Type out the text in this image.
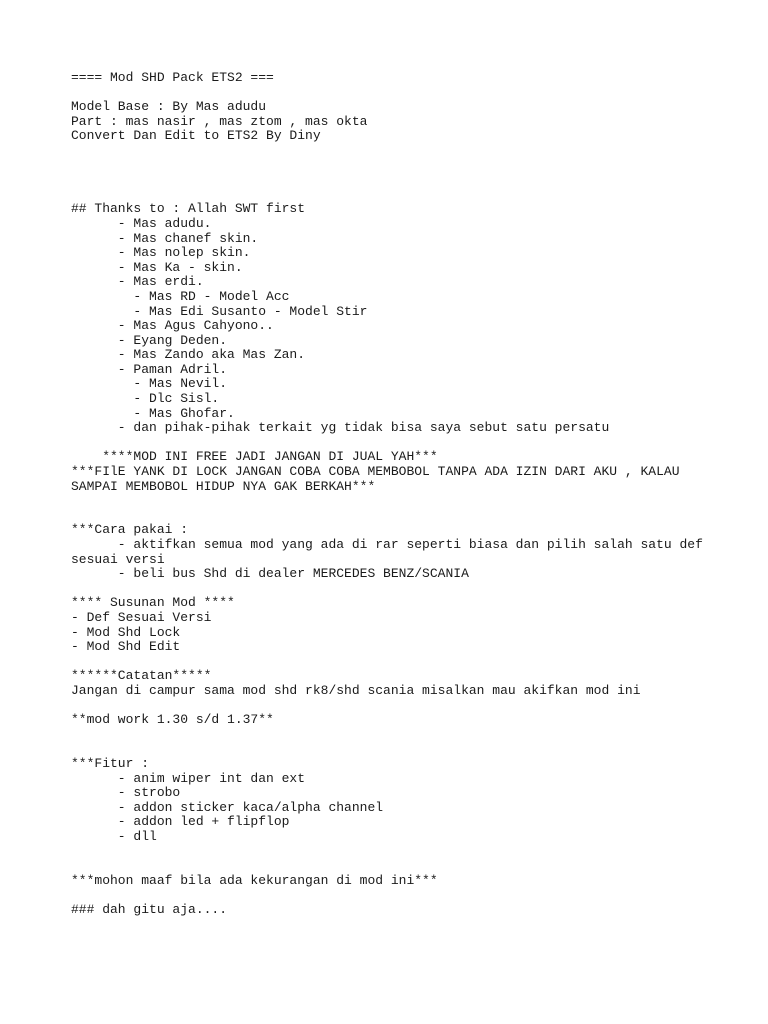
==== Mod SHD Pack ETS2 ===
Model Base : By Mas adudu
Part : mas nasir , mas ztom , mas okta
Convert Dan Edit to ETS2 By Diny
## Thanks to : Allah SWT first
- Mas adudu.
- Mas chanef skin.
- Mas nolep skin.
- Mas Ka - skin.
- Mas erdi.
- Mas RD - Model Acc
- Mas Edi Susanto - Model Stir
- Mas Agus Cahyono..
- Eyang Deden.
- Mas Zando aka Mas Zan.
- Paman Adril.
- Mas Nevil.
- Dlc Sisl.
- Mas Ghofar.
- dan pihak-pihak terkait yg tidak bisa saya sebut satu persatu
****MOD INI FREE JADI JANGAN DI JUAL YAH***
***FIlE YANK DI LOCK JANGAN COBA COBA MEMBOBOL TANPA ADA IZIN DARI AKU , KALAU
SAMPAI MEMBOBOL HIDUP NYA GAK BERKAH***
***Cara pakai :
- aktifkan semua mod yang ada di rar seperti biasa dan pilih salah satu def
sesuai versi
- beli bus Shd di dealer MERCEDES BENZ/SCANIA
**** Susunan Mod ****
- Def Sesuai Versi
- Mod Shd Lock
- Mod Shd Edit
******Catatan*****
Jangan di campur sama mod shd rk8/shd scania misalkan mau akifkan mod ini
**mod work 1.30 s/d 1.37**
***Fitur :
- anim wiper int dan ext
- strobo
- addon sticker kaca/alpha channel
- addon led + flipflop
- dll
***mohon maaf bila ada kekurangan di mod ini***
### dah gitu aja....
